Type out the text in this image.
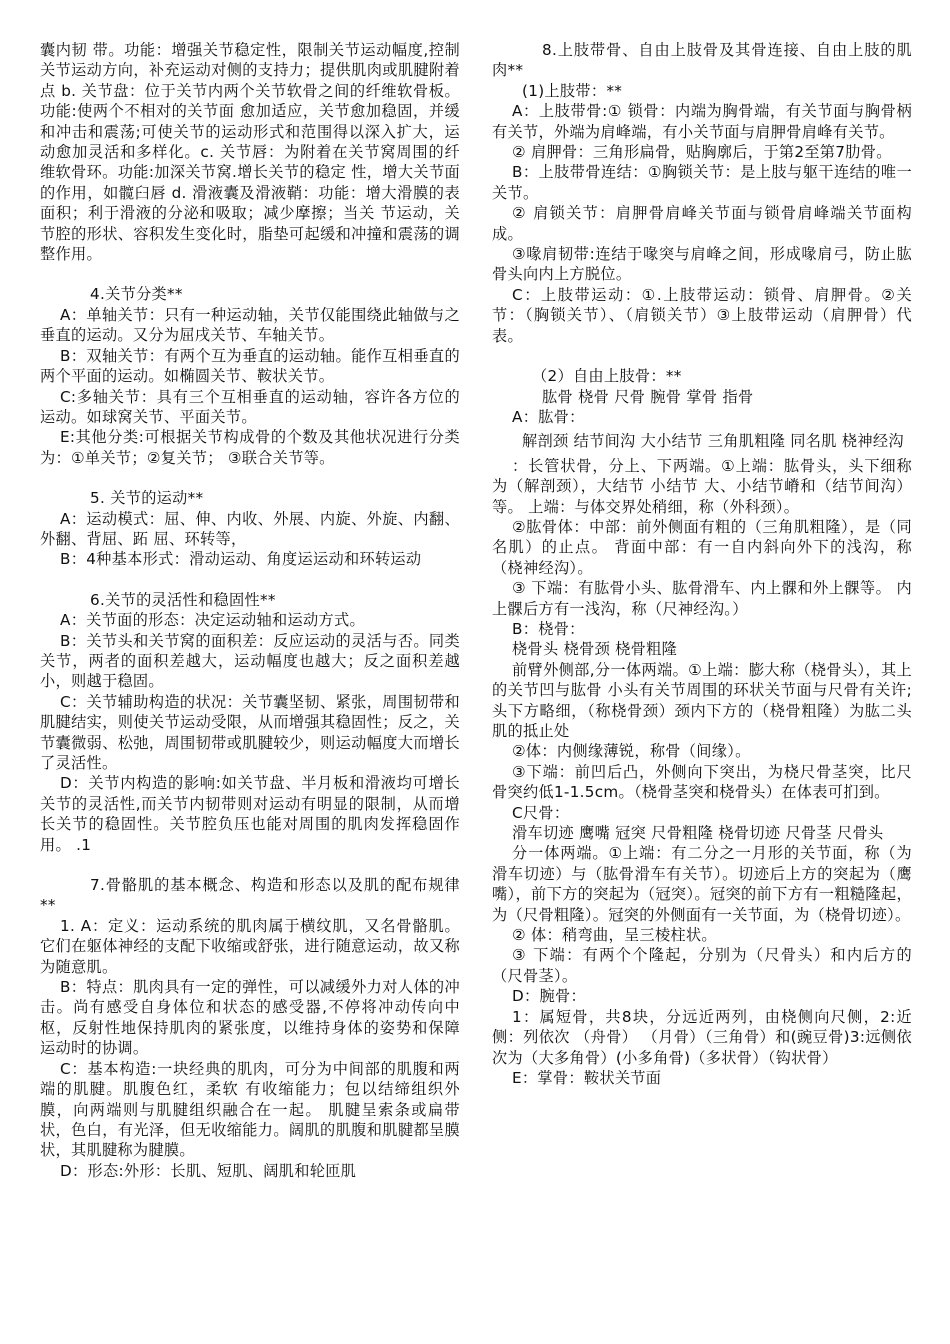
囊内韧 带。功能：增强关节稳定性，限制关节运动幅度,控制关节运动方向，补充运动对侧的支持力；提供肌肉或肌腱附着点 b. 关节盘：位于关节内两个关节软骨之间的纤维软骨板。功能:使两个不相对的关节面 愈加适应，关节愈加稳固，并缓和冲击和震荡;可使关节的运动形式和范围得以深入扩大，运动愈加灵活和多样化。c. 关节唇：为附着在关节窝周围的纤维软骨环。功能:加深关节窝.增长关节的稳定 性，增大关节面的作用，如髋臼唇 d. 滑液囊及滑液鞘：功能：增大滑膜的表面积；利于滑液的分泌和吸取；减少摩擦；当关 节运动，关节腔的形状、容积发生变化时，脂垫可起缓和冲撞和震荡的调整作用。

4.关节分类**

A：单轴关节：只有一种运动轴，关节仅能围绕此轴做与之垂直的运动。又分为屈戌关节、车轴关节。

B：双轴关节：有两个互为垂直的运动轴。能作互相垂直的两个平面的运动。如椭圆关节、鞍状关节。

C:多轴关节：具有三个互相垂直的运动轴，容许各方位的运动。如球窝关节、平面关节。

E:其他分类:可根据关节构成骨的个数及其他状况进行分类为：①单关节；②复关节； ③联合关节等。

5. 关节的运动**

A：运动模式：屈、伸、内收、外展、内旋、外旋、内翻、外翻、背屈、跖 屈、环转等，

B：4种基本形式：滑动运动、角度运运动和环转运动

6.关节的灵活性和稳固性**

A：关节面的形态：决定运动轴和运动方式。

B：关节头和关节窝的面积差：反应运动的灵活与否。同类关节，两者的面积差越大，运动幅度也越大；反之面积差越小，则越于稳固。

C：关节辅助构造的状况：关节囊坚韧、紧张，周围韧带和肌腱结实，则使关节运动受限，从而增强其稳固性；反之，关节囊微弱、松弛，周围韧带或肌腱较少，则运动幅度大而增长了灵活性。

D：关节内构造的影响:如关节盘、半月板和滑液均可增长关节的灵活性,而关节内韧带则对运动有明显的限制，从而增长关节的稳固性。关节腔负压也能对周围的肌肉发挥稳固作用。 .1

7.骨骼肌的基本概念、构造和形态以及肌的配布规律**

1. A：定义：运动系统的肌肉属于横纹肌，又名骨骼肌。它们在躯体神经的支配下收缩或舒张，进行随意运动，故又称为随意肌。

B：特点：肌肉具有一定的弹性，可以减缓外力对人体的冲击。尚有感受自身体位和状态的感受器,不停将冲动传向中枢，反射性地保持肌肉的紧张度，以维持身体的姿势和保障 运动时的协调。

C：基本构造:一块经典的肌肉，可分为中间部的肌腹和两端的肌腱。肌腹色红，柔软 有收缩能力；包以结缔组织外膜，向两端则与肌腱组织融合在一起。 肌腱呈索条或扁带状，色白，有光泽，但无收缩能力。阔肌的肌腹和肌腱都呈膜状，其肌腱称为腱膜。

D：形态:外形：长肌、短肌、阔肌和轮匝肌

8.上肢带骨、自由上肢骨及其骨连接、自由上肢的肌肉**

(1)上肢带：**

A：上肢带骨:① 锁骨：内端为胸骨端，有关节面与胸骨柄有关节，外端为肩峰端，有小关节面与肩胛骨肩峰有关节。

② 肩胛骨：三角形扁骨，贴胸廓后，于第2至第7肋骨。

B：上肢带骨连结：①胸锁关节：是上肢与躯干连结的唯一关节。

② 肩锁关节：肩胛骨肩峰关节面与锁骨肩峰端关节面构成。

③喙肩韧带:连结于喙突与肩峰之间，形成喙肩弓，防止肱骨头向内上方脱位。

C：上肢带运动：①.上肢带运动：锁骨、肩胛骨。②关节：（胸锁关节）、（肩锁关节）③上肢带运动（肩胛骨）代表。

（2）自由上肢骨：**

肱骨 桡骨 尺骨 腕骨 掌骨 指骨

A：肱骨：

解剖颈 结节间沟 大小结节 三角肌粗隆 同名肌 桡神经沟

：长管状骨，分上、下两端。①上端：肱骨头，头下细称为（解剖颈），大结节 小结节 大、小结节嵴和（结节间沟）等。 上端：与体交界处稍细，称（外科颈）。

②肱骨体：中部：前外侧面有粗的（三角肌粗隆），是（同名肌）的止点。 背面中部：有一自内斜向外下的浅沟，称（桡神经沟）。

③ 下端：有肱骨小头、肱骨滑车、内上髁和外上髁等。 内上髁后方有一浅沟，称（尺神经沟。）

B：桡骨：

桡骨头 桡骨颈 桡骨粗隆

前臂外侧部,分一体两端。①上端：膨大称（桡骨头），其上的关节凹与肱骨 小头有关节周围的环状关节面与尺骨有关许;头下方略细，（称桡骨颈）颈内下方的（桡骨粗隆）为肱二头肌的抵止处

②体：内侧缘薄锐，称骨（间缘）。

③下端：前凹后凸，外侧向下突出，为桡尺骨茎突，比尺骨突约低1-1.5cm。（桡骨茎突和桡骨头）在体表可扪到。

C尺骨：

滑车切迹 鹰嘴 冠突 尺骨粗隆 桡骨切迹 尺骨茎 尺骨头

分一体两端。①上端：有二分之一月形的关节面，称（为滑车切迹）与（肱骨滑车有关节）。切迹后上方的突起为（鹰嘴），前下方的突起为（冠突）。冠突的前下方有一粗糙隆起，为（尺骨粗隆）。冠突的外侧面有一关节面，为（桡骨切迹）。

② 体：稍弯曲，呈三棱柱状。

③ 下端：有两个个隆起，分别为（尺骨头）和内后方的（尺骨茎）。

D：腕骨：

1：属短骨，共8块，分远近两列，由桡侧向尺侧，2:近侧：列依次 （舟骨） （月骨）（三角骨）和(豌豆骨)3:远侧依次为（大多角骨）(小多角骨)（多状骨）（钩状骨）

E：掌骨：鞍状关节面
